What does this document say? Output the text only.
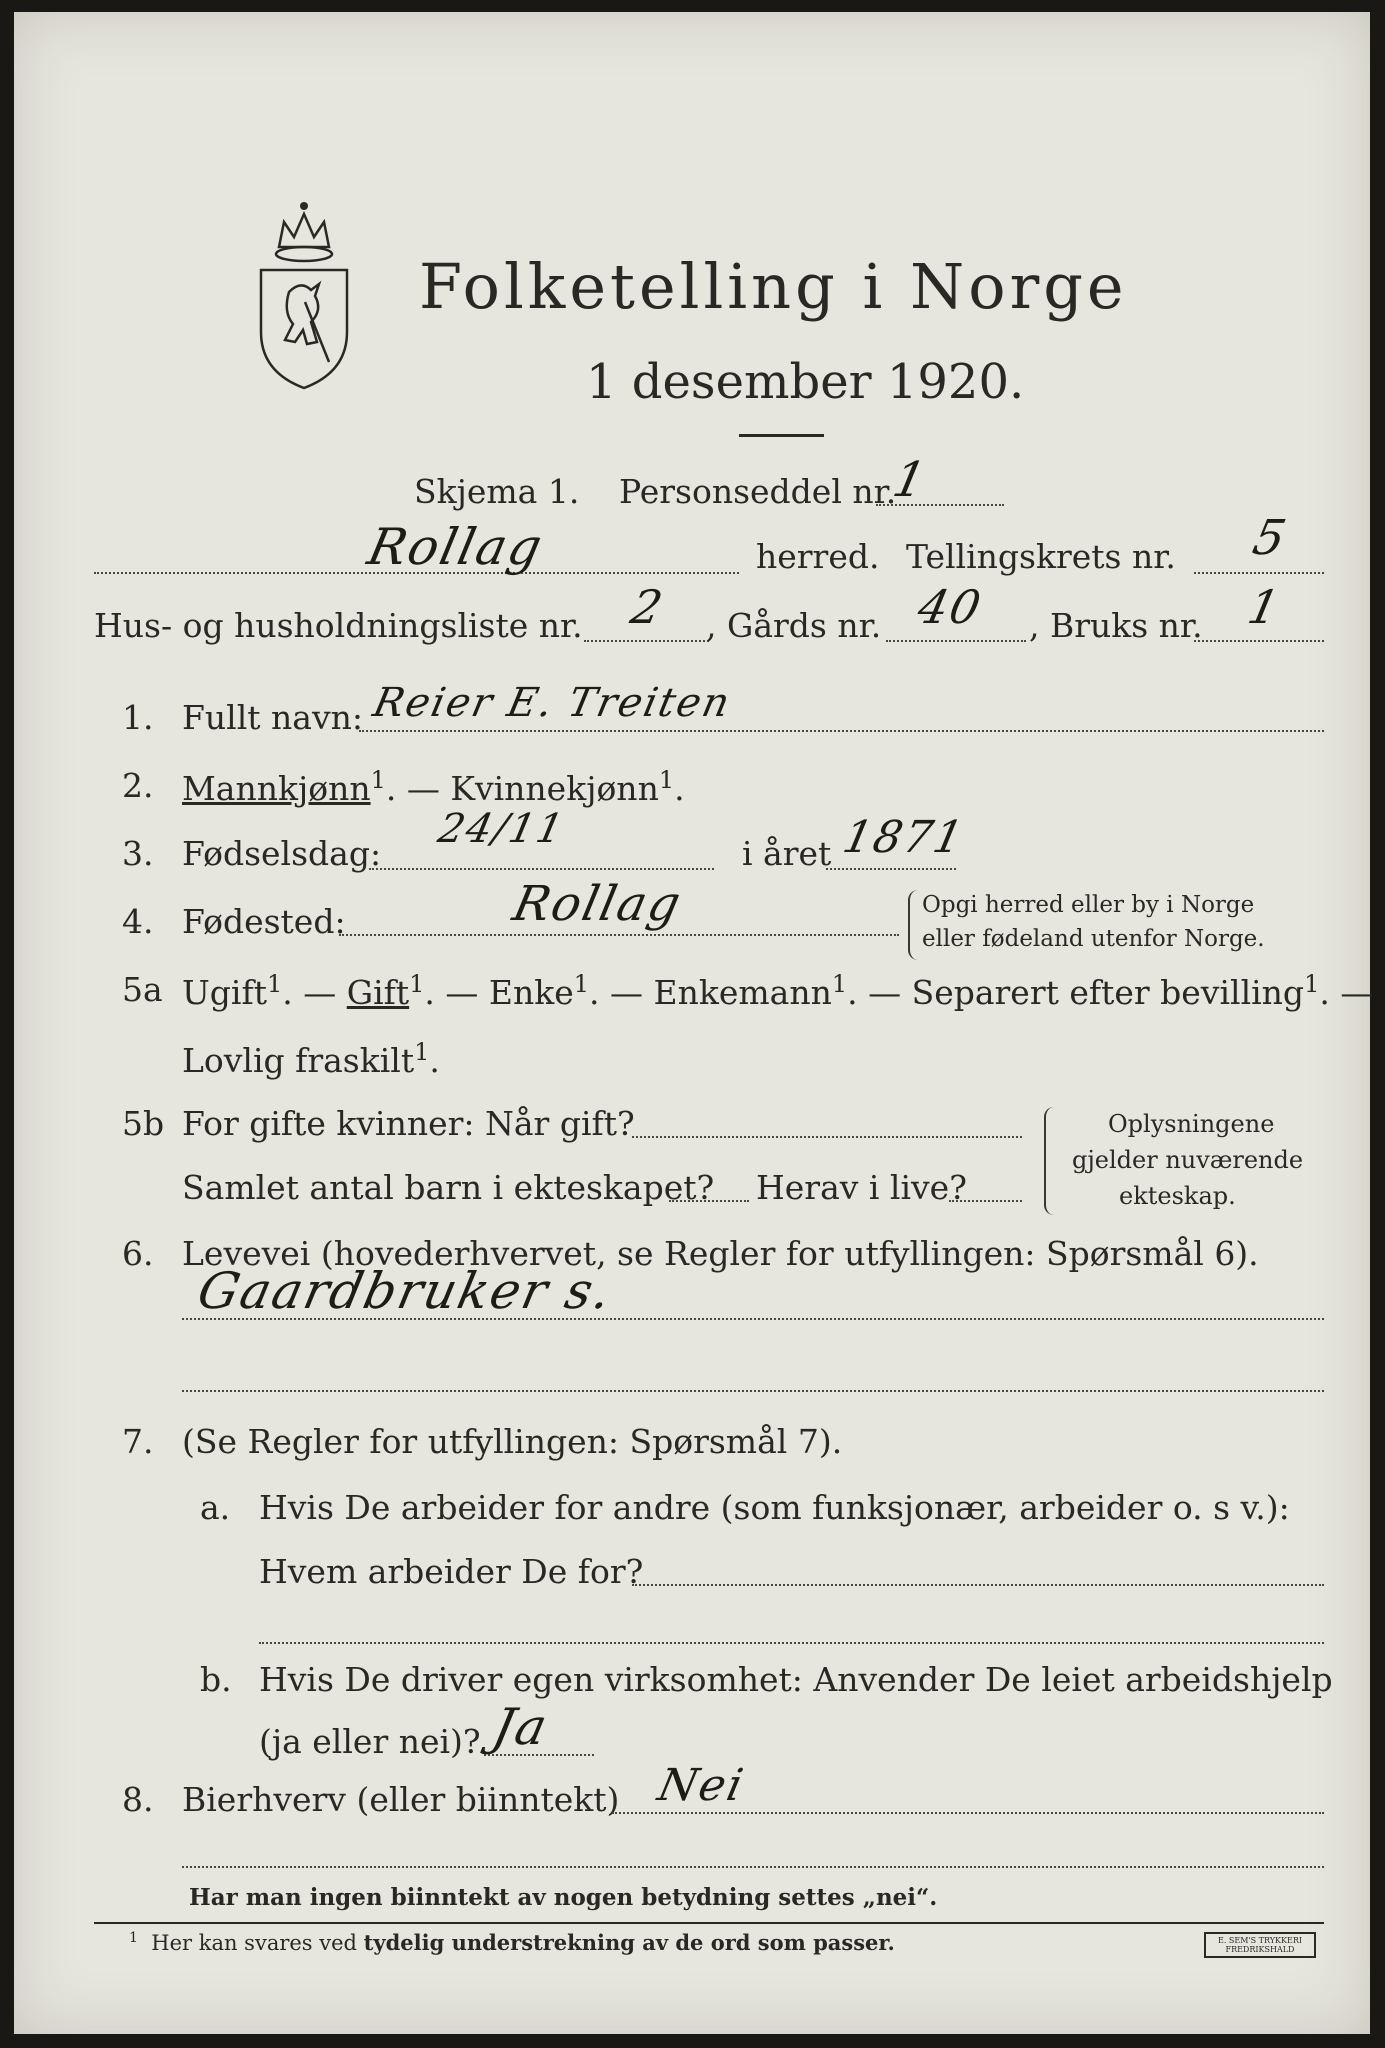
Folketelling i Norge
1 desember 1920.
Skjema 1. Personseddel nr.
1
Rollag	herred. Tellingskrets nr. 5
Hus- og husholdningsliste nr. 2 , Gårds nr. 40 , Bruks nr. 1
1. Fullt navn: Reier E. Treiten
2. Mannkjønn$^1$. — Kvinnekjønn$^1$.
3. Fødselsdag:
24/11
i året 1871
4. Fødested:	Rollag	Opgi herred eller by i Norge
eller fødeland utenfor Norge.
5a Ugift$^1$. — Gift$^1$. — Enke$^1$. — Enkemann$^1$. — Separert efter bevilling$^1$. —
Lovlig fraskilt$^1$.
5b For gifte kvinner: Når gift?
Samlet antal barn i ekteskapet? Herav i live?
Oplysningene
gjelder nuværende
ekteskap.
6. Levevei (hovederhvervet, se Regler for utfyllingen: Spørsmål 6).
Gaardbruker s.
7. (Se Regler for utfyllingen: Spørsmål 7).
a. Hvis De arbeider for andre (som funksjonær, arbeider o. s v.):
Hvem arbeider De for?
b. Hvis De driver egen virksomhet: Anvender De leiet arbeidshjelp
(ja eller nei)? Ja
8. Bierhverv (eller biinntekt) Nei
Har man ingen biinntekt av nogen betydning settes „nei“.
$^1$ Her kan svares ved tydelig understrekning av de ord som passer.	E. SEM'S TRYKKERI
FREDRIKSHALD
